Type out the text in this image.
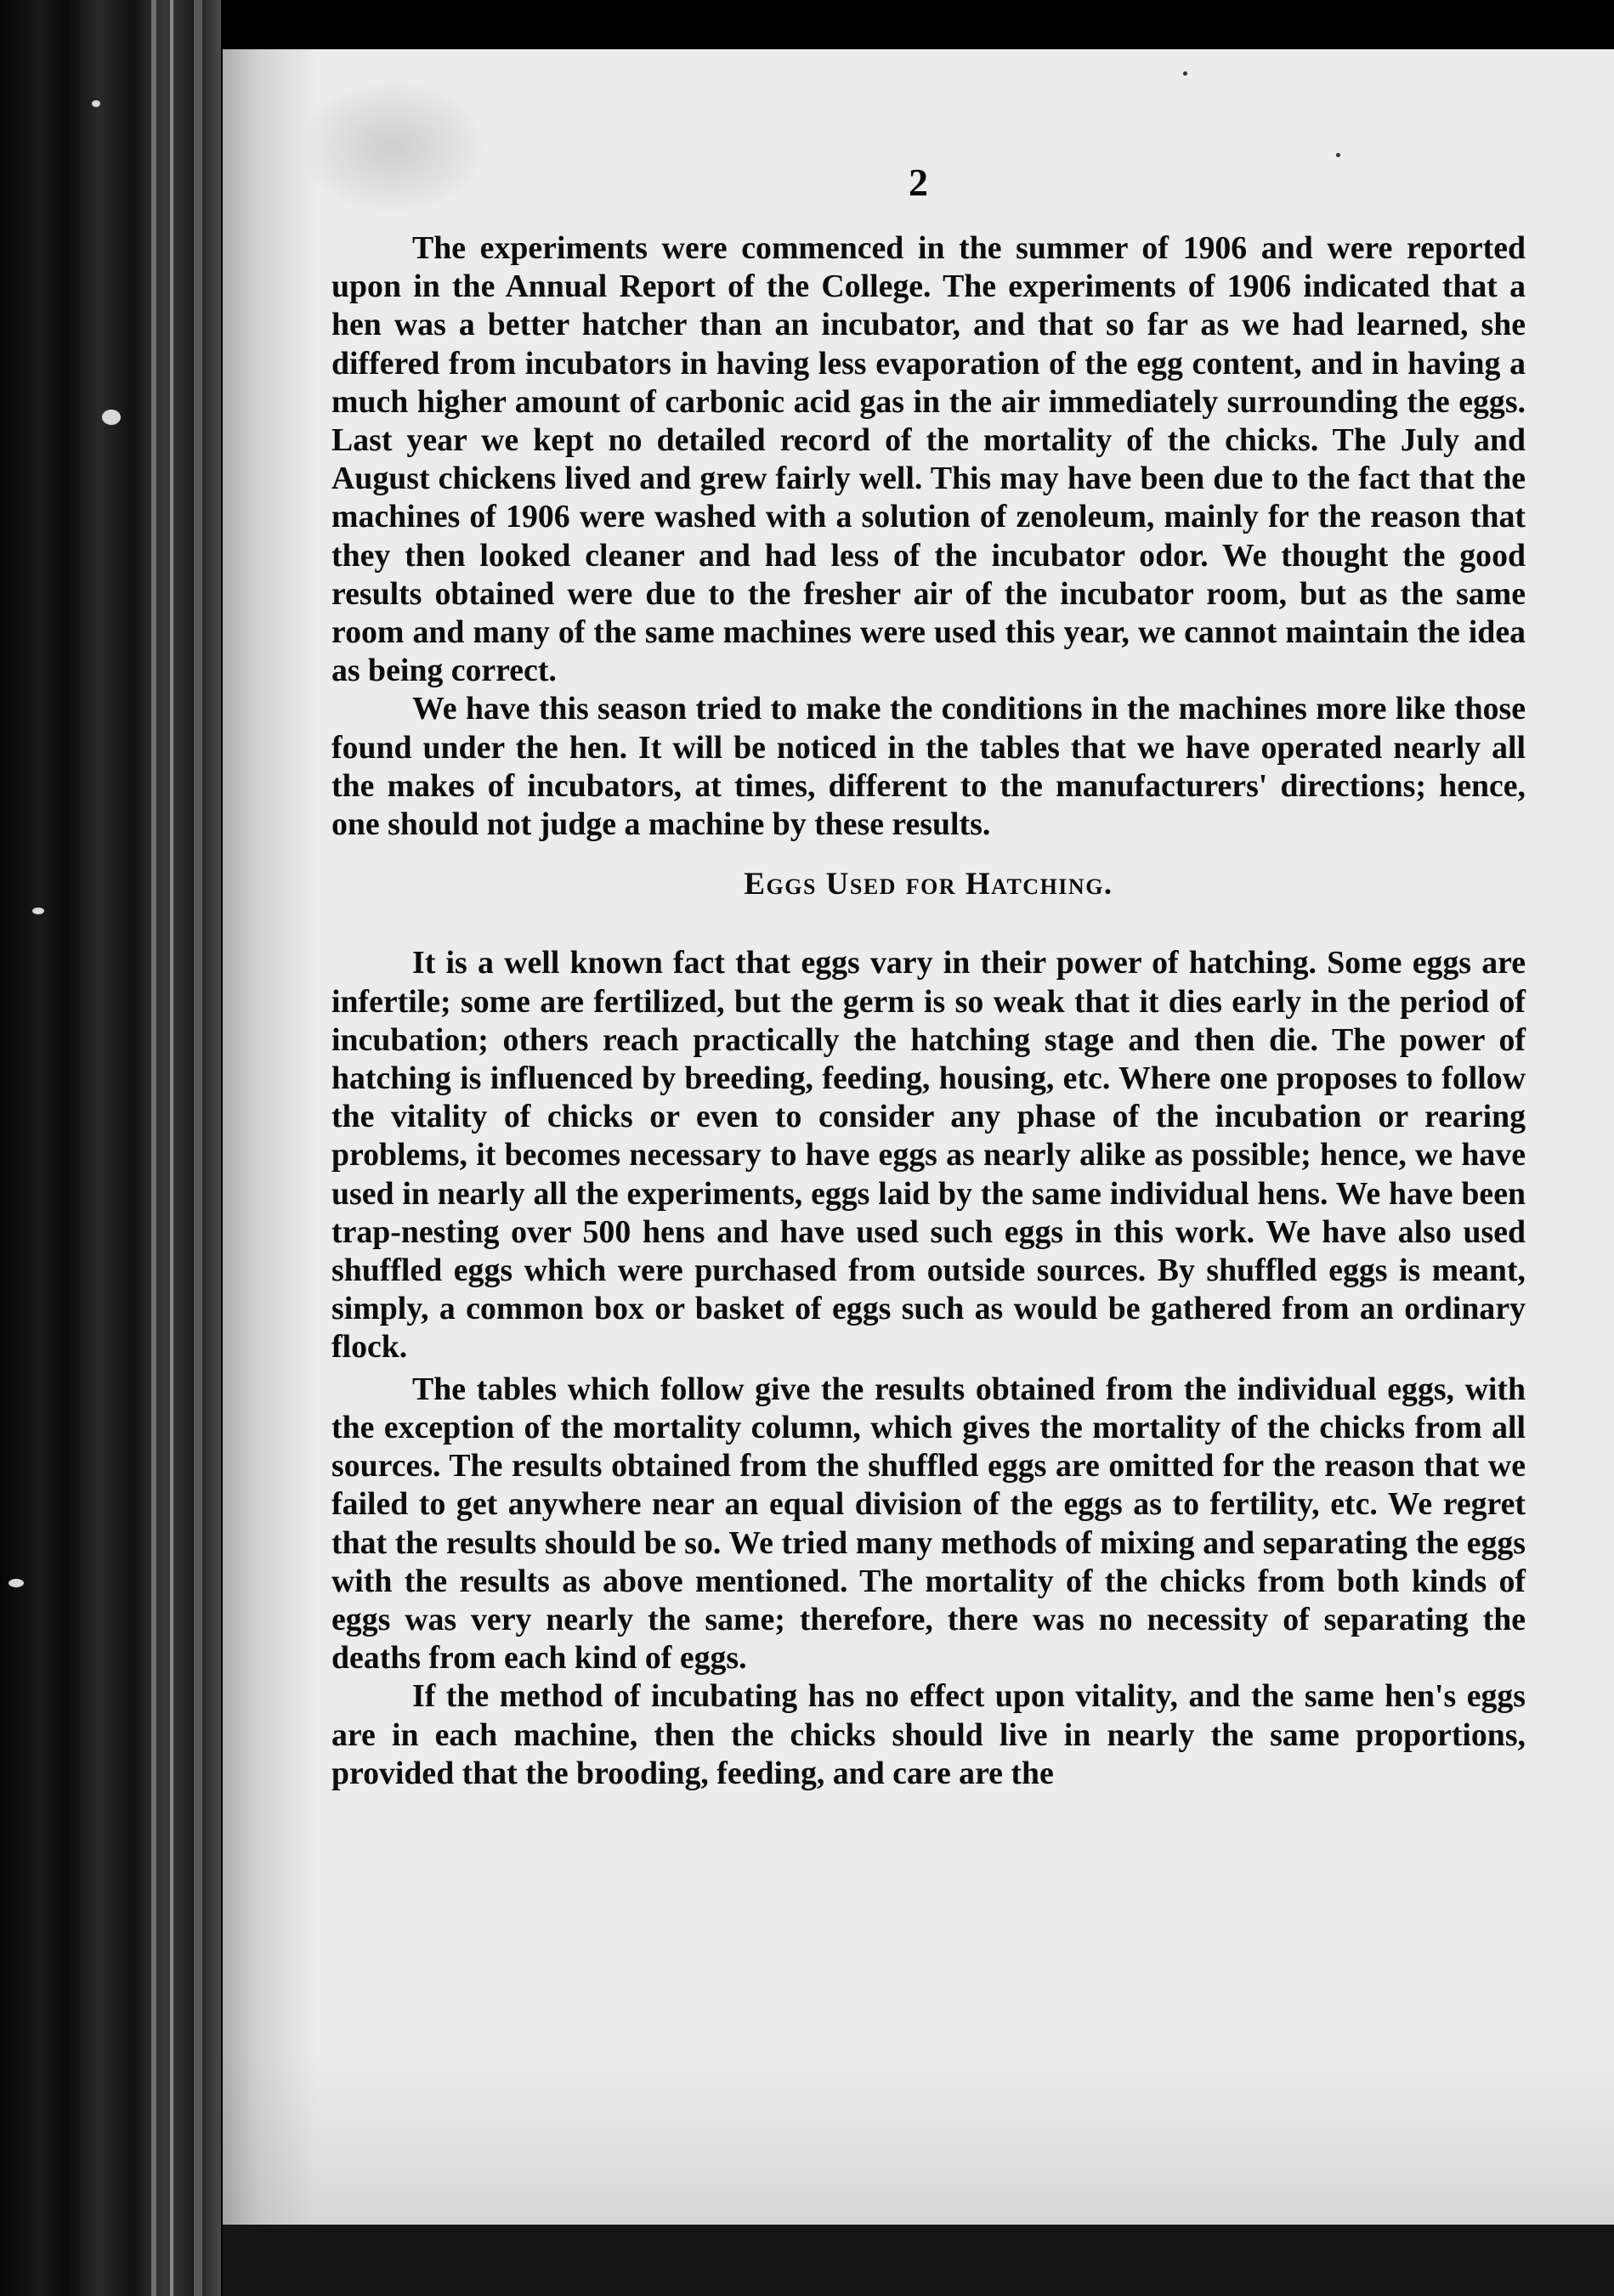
2

The experiments were commenced in the summer of 1906 and were reported upon in the Annual Report of the College. The experiments of 1906 indicated that a hen was a better hatcher than an incubator, and that so far as we had learned, she differed from incubators in having less evaporation of the egg content, and in having a much higher amount of carbonic acid gas in the air immediately surrounding the eggs. Last year we kept no detailed record of the mortality of the chicks. The July and August chickens lived and grew fairly well. This may have been due to the fact that the machines of 1906 were washed with a solution of zenoleum, mainly for the reason that they then looked cleaner and had less of the incubator odor. We thought the good results obtained were due to the fresher air of the incubator room, but as the same room and many of the same machines were used this year, we cannot maintain the idea as being correct.

We have this season tried to make the conditions in the machines more like those found under the hen. It will be noticed in the tables that we have operated nearly all the makes of incubators, at times, different to the manufacturers' directions; hence, one should not judge a machine by these results.

Eggs Used for Hatching.

It is a well known fact that eggs vary in their power of hatching. Some eggs are infertile; some are fertilized, but the germ is so weak that it dies early in the period of incubation; others reach practically the hatching stage and then die. The power of hatching is influenced by breeding, feeding, housing, etc. Where one proposes to follow the vitality of chicks or even to consider any phase of the incubation or rearing problems, it becomes necessary to have eggs as nearly alike as possible; hence, we have used in nearly all the experiments, eggs laid by the same individual hens. We have been trap-nesting over 500 hens and have used such eggs in this work. We have also used shuffled eggs which were purchased from outside sources. By shuffled eggs is meant, simply, a common box or basket of eggs such as would be gathered from an ordinary flock.

The tables which follow give the results obtained from the individual eggs, with the exception of the mortality column, which gives the mortality of the chicks from all sources. The results obtained from the shuffled eggs are omitted for the reason that we failed to get anywhere near an equal division of the eggs as to fertility, etc. We regret that the results should be so. We tried many methods of mixing and separating the eggs with the results as above mentioned. The mortality of the chicks from both kinds of eggs was very nearly the same; therefore, there was no necessity of separating the deaths from each kind of eggs.

If the method of incubating has no effect upon vitality, and the same hen's eggs are in each machine, then the chicks should live in nearly the same proportions, provided that the brooding, feeding, and care are the
